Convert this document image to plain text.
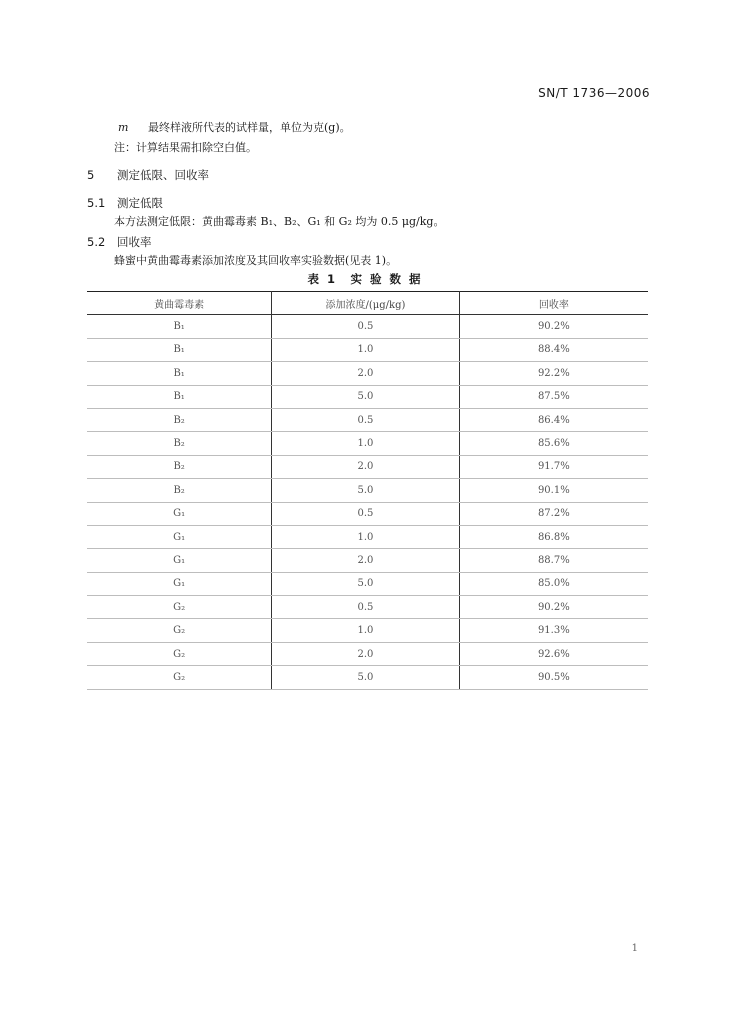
SN/T 1736—2006
m 最终样液所代表的试样量，单位为克(g)。
注：计算结果需扣除空白值。
5 测定低限、回收率
5.1 测定低限
本方法测定低限：黄曲霉毒素 B₁、B₂、G₁ 和 G₂ 均为 0.5 μg/kg。
5.2 回收率
蜂蜜中黄曲霉毒素添加浓度及其回收率实验数据(见表 1)。
表 1　实 验 数 据
黄曲霉毒素	添加浓度/(μg/kg)	回收率
B₁	0.5	90.2%
B₁	1.0	88.4%
B₁	2.0	92.2%
B₁	5.0	87.5%
B₂	0.5	86.4%
B₂	1.0	85.6%
B₂	2.0	91.7%
B₂	5.0	90.1%
G₁	0.5	87.2%
G₁	1.0	86.8%
G₁	2.0	88.7%
G₁	5.0	85.0%
G₂	0.5	90.2%
G₂	1.0	91.3%
G₂	2.0	92.6%
G₂	5.0	90.5%
1
